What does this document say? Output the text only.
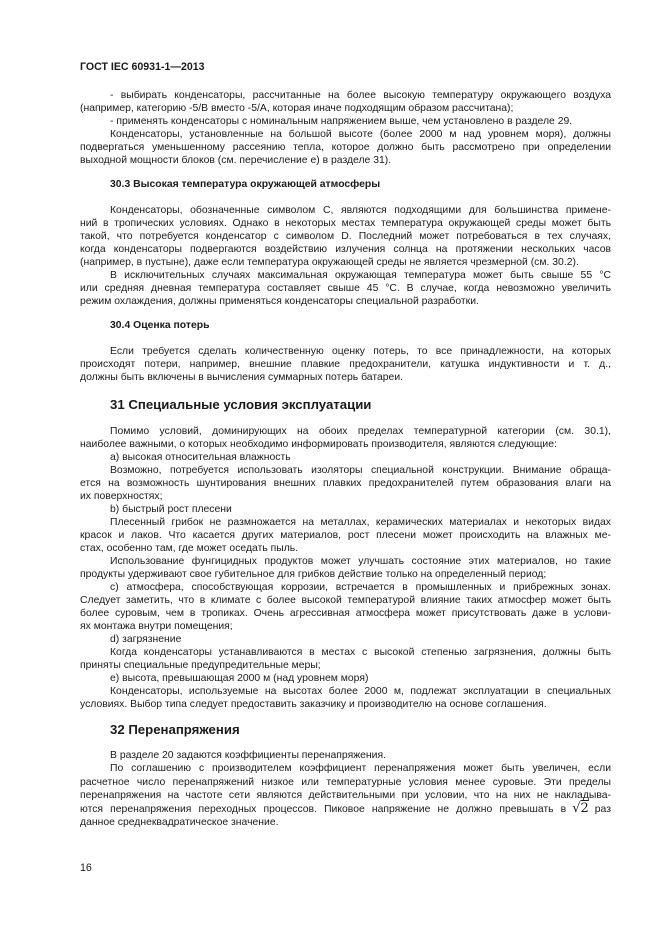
ГОСТ IEC 60931-1—2013
- выбирать конденсаторы, рассчитанные на более высокую температуру окружающего воздуха
(например, категорию -5/В вместо -5/А, которая иначе подходящим образом рассчитана);
- применять конденсаторы с номинальным напряжением выше, чем установлено в разделе 29.
Конденсаторы, установленные на большой высоте (более 2000 м над уровнем моря), должны
подвергаться уменьшенному рассеянию тепла, которое должно быть рассмотрено при определении
выходной мощности блоков (см. перечисление е) в разделе 31).
30.3 Высокая температура окружающей атмосферы
Конденсаторы, обозначенные символом С, являются подходящими для большинства примене-
ний в тропических условиях. Однако в некоторых местах температура окружающей среды может быть
такой, что потребуется конденсатор с символом D. Последний может потребоваться в тех случаях,
когда конденсаторы подвергаются воздействию излучения солнца на протяжении нескольких часов
(например, в пустыне), даже если температура окружающей среды не является чрезмерной (см. 30.2).
В исключительных случаях максимальная окружающая температура может быть свыше 55 °С
или средняя дневная температура составляет свыше 45 °С. В случае, когда невозможно увеличить
режим охлаждения, должны применяться конденсаторы специальной разработки.
30.4 Оценка потерь
Если требуется сделать количественную оценку потерь, то все принадлежности, на которых
происходят потери, например, внешние плавкие предохранители, катушка индуктивности и т. д.,
должны быть включены в вычисления суммарных потерь батареи.
31 Специальные условия эксплуатации
Помимо условий, доминирующих на обоих пределах температурной категории (см. 30.1),
наиболее важными, о которых необходимо информировать производителя, являются следующие:
а) высокая относительная влажность
Возможно, потребуется использовать изоляторы специальной конструкции. Внимание обраща-
ется на возможность шунтирования внешних плавких предохранителей путем образования влаги на
их поверхностях;
b) быстрый рост плесени
Плесенный грибок не размножается на металлах, керамических материалах и некоторых видах
красок и лаков. Что касается других материалов, рост плесени может происходить на влажных ме-
стах, особенно там, где может оседать пыль.
Использование фунгицидных продуктов может улучшать состояние этих материалов, но такие
продукты удерживают свое губительное для грибков действие только на определенный период;
с) атмосфера, способствующая коррозии, встречается в промышленных и прибрежных зонах.
Следует заметить, что в климате с более высокой температурой влияние таких атмосфер может быть
более суровым, чем в тропиках. Очень агрессивная атмосфера может присутствовать даже в услови-
ях монтажа внутри помещения;
d) загрязнение
Когда конденсаторы устанавливаются в местах с высокой степенью загрязнения, должны быть
приняты специальные предупредительные меры;
е) высота, превышающая 2000 м (над уровнем моря)
Конденсаторы, используемые на высотах более 2000 м, подлежат эксплуатации в специальных
условиях. Выбор типа следует предоставить заказчику и производителю на основе соглашения.
32 Перенапряжения
В разделе 20 задаются коэффициенты перенапряжения.
По соглашению с производителем коэффициент перенапряжения может быть увеличен, если
расчетное число перенапряжений низкое или температурные условия менее суровые. Эти пределы
перенапряжения на частоте сети являются действительными при условии, что на них не накладыва-
ются перенапряжения переходных процессов. Пиковое напряжение не должно превышать в √2 раз
данное среднеквадратическое значение.
16
